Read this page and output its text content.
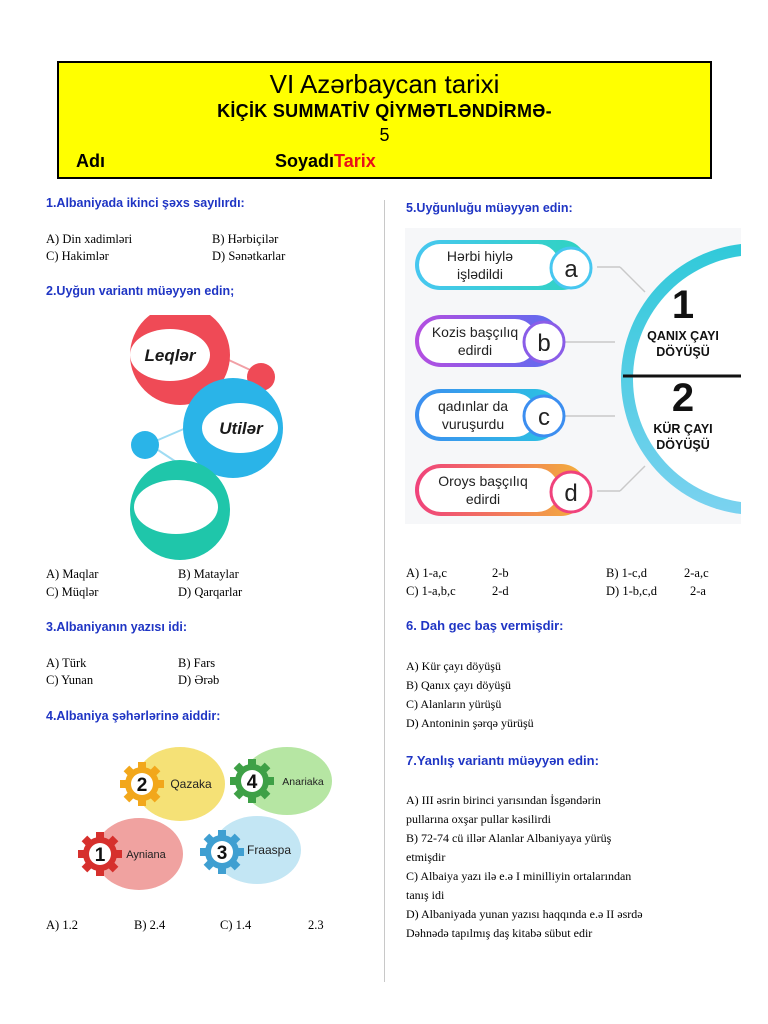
VI Azərbaycan tarixi
KİÇİK SUMMATİV QİYMƏTLƏNDİRMƏ-
5
Adı	SoyadıTarix
1.Albaniyada ikinci şəxs sayılırdı:
A) Din xadimləri	B) Hərbiçilər
C) Hakimlər	D) Sənətkarlar
2.Uyğun variantı müəyyən edin;
Leqlər
Utilər
A) Maqlar	B) Mataylar
C) Müqlər	D) Qarqarlar
3.Albaniyanın yazısı idi:
A) Türk	B) Fars
C) Yunan	D) Ərəb
4.Albaniya şəhərlərinə aiddir:
2 Qazaka 4 Anariaka
1 Ayniana	3 Fraaspa
A) 1.2	B) 2.4	C) 1.4	2.3
5.Uyğunluğu müəyyən edin:
1
QANIX ÇAYI
DÖYÜŞÜ
2
KÜR ÇAYI
DÖYÜŞÜ
Hərbi hiylə
işlədildi	a
Kozis başçılıq
edirdi b
qadınlar da
vuruşurdu c
Oroys başçılıq
edirdi	d
A) 1-a,c	2-b	B) 1-c,d	2-a,c
C) 1-a,b,c	2-d	D) 1-b,c,d	2-a
6. Dah gec baş vermişdir:
A) Kür çayı döyüşü
B) Qanıx çayı döyüşü
C) Alanların yürüşü
D) Antoninin şərqə yürüşü
7.Yanlış variantı müəyyən edin:
A) III əsrin birinci yarısından İsgəndərin
pullarına oxşar pullar kəsilirdi
B) 72-74 cü illər Alanlar Albaniyaya yürüş
etmişdir
C) Albaiya yazı ilə e.ə I minilliyin ortalarından
tanış idi
D) Albaniyada yunan yazısı haqqında e.ə II əsrdə
Dəhnədə tapılmış daş kitabə sübut edir
